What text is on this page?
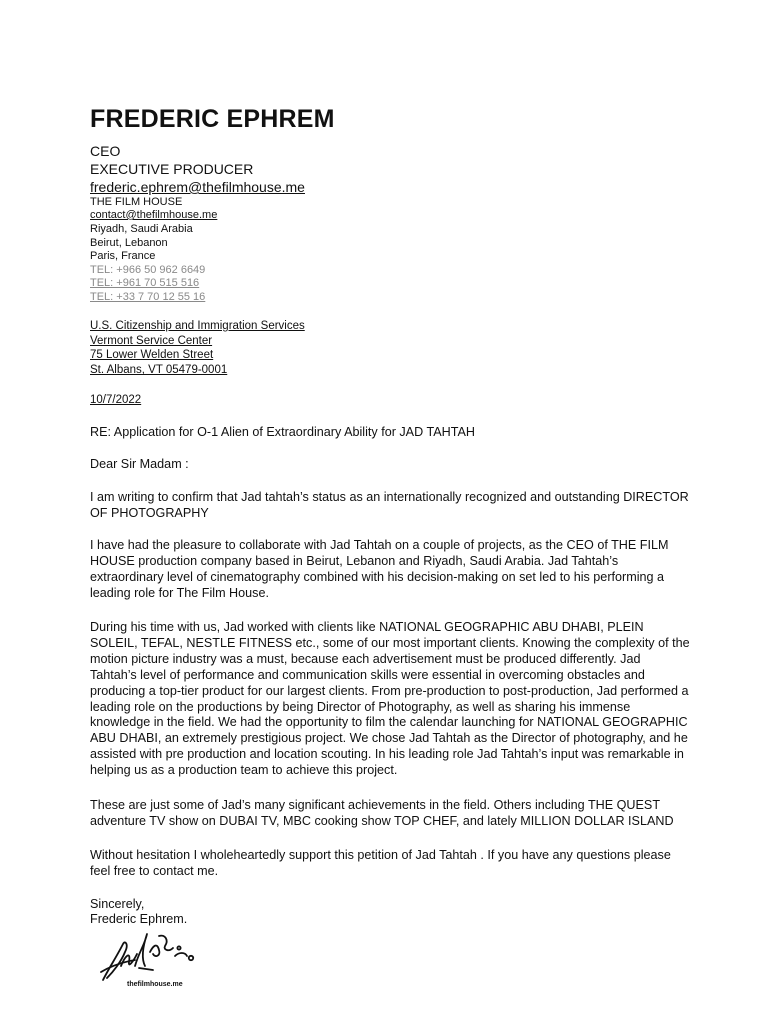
FREDERIC EPHREM
CEO
EXECUTIVE PRODUCER
frederic.ephrem@thefilmhouse.me
THE FILM HOUSE
contact@thefilmhouse.me
Riyadh, Saudi Arabia
Beirut, Lebanon
Paris, France
TEL: +966 50 962 6649
TEL: +961 70 515 516
TEL: +33 7 70 12 55 16
U.S. Citizenship and Immigration Services
Vermont Service Center
75 Lower Welden Street
St. Albans, VT 05479-0001
10/7/2022

RE: Application for O-1 Alien of Extraordinary Ability for JAD TAHTAH

Dear Sir Madam :

I am writing to confirm that Jad tahtah’s status as an internationally recognized and outstanding DIRECTOR OF PHOTOGRAPHY

I have had the pleasure to collaborate with Jad Tahtah on a couple of projects, as the CEO of THE FILM HOUSE production company based in Beirut, Lebanon and Riyadh, Saudi Arabia. Jad Tahtah’s extraordinary level of cinematography combined with his decision-making on set led to his performing a leading role for The Film House.

During his time with us, Jad worked with clients like NATIONAL GEOGRAPHIC ABU DHABI, PLEIN SOLEIL, TEFAL, NESTLE FITNESS etc., some of our most important clients. Knowing the complexity of the motion picture industry was a must, because each advertisement must be produced differently. Jad Tahtah’s level of performance and communication skills were essential in overcoming obstacles and producing a top-tier product for our largest clients. From pre-production to post-production, Jad performed a leading role on the productions by being Director of Photography, as well as sharing his immense knowledge in the field. We had the opportunity to film the calendar launching for NATIONAL GEOGRAPHIC ABU DHABI, an extremely prestigious project. We chose Jad Tahtah as the Director of photography, and he assisted with pre production and location scouting. In his leading role Jad Tahtah’s input was remarkable in helping us as a production team to achieve this project.

These are just some of Jad’s many significant achievements in the field. Others including THE QUEST adventure TV show on DUBAI TV, MBC cooking show TOP CHEF, and lately MILLION DOLLAR ISLAND

Without hesitation I wholeheartedly support this petition of Jad Tahtah . If you have any questions please feel free to contact me.

Sincerely,

Frederic Ephrem.

thefilmhouse.me
